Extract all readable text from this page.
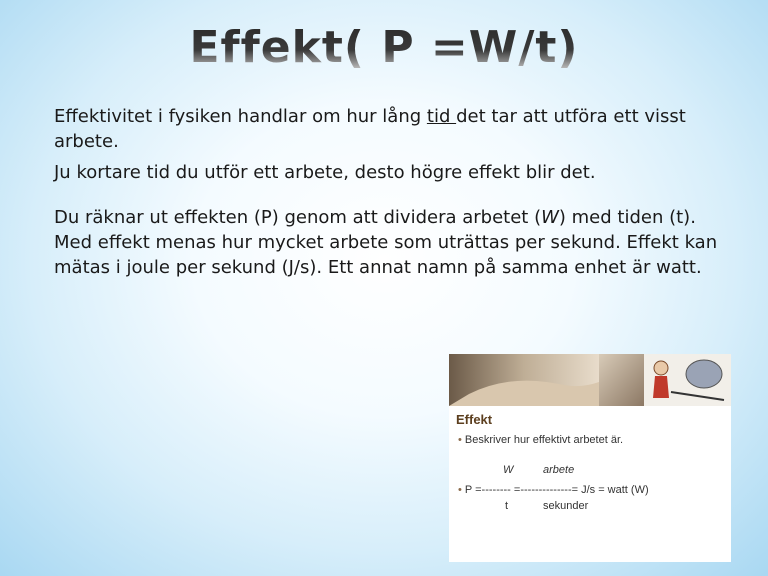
Effekt( P =W/t)

Effektivitet i fysiken handlar om hur lång tid det tar att utföra ett visst arbete.

Ju kortare tid du utför ett arbete, desto högre effekt blir det.

Du räknar ut effekten (P) genom att dividera arbetet (W) med tiden (t). Med effekt menas hur mycket arbete som uträttas per sekund. Effekt kan mätas i joule per sekund (J/s). Ett annat namn på samma enhet är watt.

Effekt
• Beskriver hur effektivt arbetet är.
W	arbete
• P =-------- =--------------= J/s = watt (W)
t	sekunder
